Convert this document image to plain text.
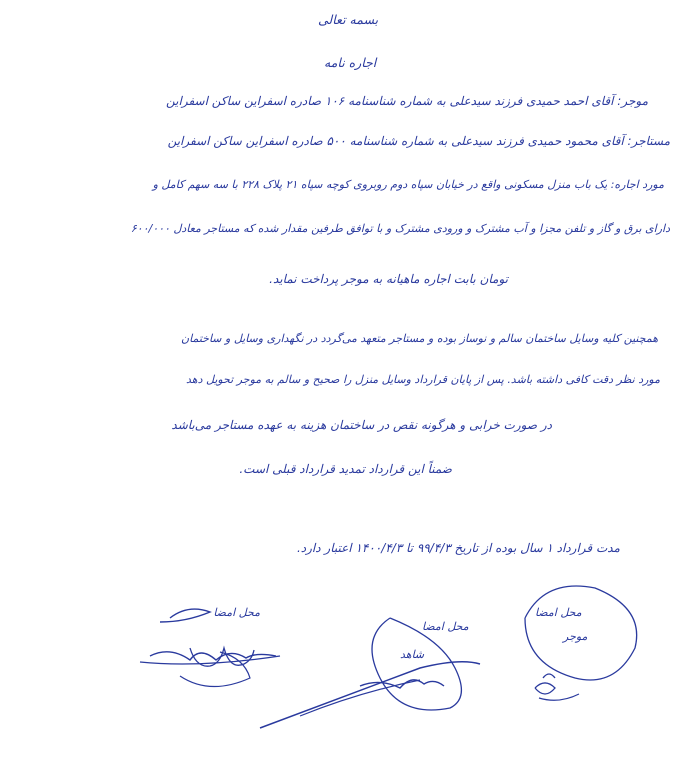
بسمه تعالی
اجاره نامه
موجر: آقای احمد حمیدی فرزند سیدعلی به شماره شناسنامه ۱۰۶ صادره اسفراین ساکن اسفراین
مستاجر: آقای محمود حمیدی فرزند سیدعلی به شماره شناسنامه ۵۰۰ صادره اسفراین ساکن اسفراین
مورد اجاره: یک باب منزل مسکونی واقع در خیابان سپاه دوم روبروی کوچه سپاه ۲۱ پلاک ۲۲۸ با سه سهم کامل و
دارای برق و گاز و تلفن مجزا و آب مشترک و ورودی مشترک و با توافق طرفین مقدار شده که مستاجر معادل ۶۰۰/۰۰۰
تومان بابت اجاره ماهیانه به موجر پرداخت نماید.
همچنین کلیه وسایل ساختمان سالم و نوساز بوده و مستاجر متعهد می‌گردد در نگهداری وسایل و ساختمان
مورد نظر دقت کافی داشته باشد. پس از پایان قرارداد وسایل منزل را صحیح و سالم به موجر تحویل دهد
در صورت خرابی و هرگونه نقص در ساختمان هزینه به عهده مستاجر می‌باشد
ضمناً این قرارداد تمدید قرارداد قبلی است.
مدت قرارداد ۱ سال بوده از تاریخ ۹۹/۴/۳ تا ۱۴۰۰/۴/۳ اعتبار دارد.
محل امضا
محل امضا
شاهد
محل امضا
موجر
